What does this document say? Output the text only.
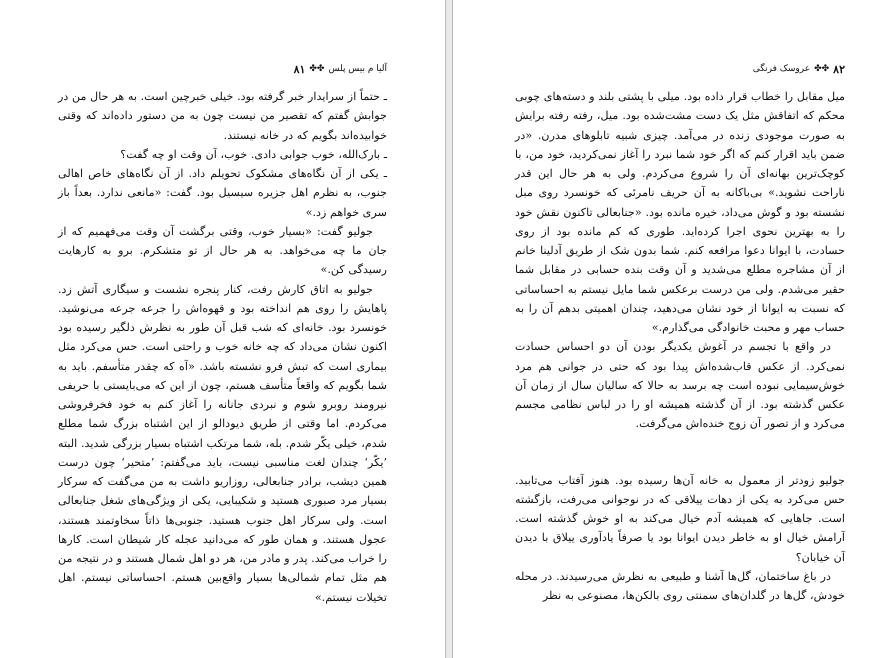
آلیا م بیس پلس
✤✤
۸۱

ـ حتماً از سرایدار خبر گرفته بود. خیلی خبرچین است. به هر حال من در جوابش گفتم که تقصیر من نیست چون به من دستور داده‌اند که وقتی خوابیده‌اند بگویم که در خانه نیستند.

ـ بارک‌الله، خوب جوابی دادی. خوب، آن وقت او چه گفت؟

ـ یکی از آن نگاه‌های مشکوک تحویلم داد. از آن نگاه‌های خاص اهالی جنوب، به نظرم اهل جزیره سیسیل بود. گفت: «مانعی ندارد. بعداً باز سری خواهم زد.»

جولیو گفت: «بسیار خوب، وقتی برگشت آن وقت می‌فهمیم که از جان ما چه می‌خواهد. به هر حال از تو متشکرم. برو به کارهایت رسیدگی کن.»

جولیو به اتاق کارش رفت، کنار پنجره نشست و سیگاری آتش زد. پاهایش را روی هم انداخته بود و قهوه‌اش را جرعه جرعه می‌نوشید. خونسرد بود. خانه‌ای که شب قبل آن طور به نظرش دلگیر رسیده بود اکنون نشان می‌داد که چه خانه خوب و راحتی است. حس می‌کرد مثل بیماری است که تبش فرو نشسته باشد. «آه که چقدر متأسفم. باید به شما بگویم که واقعاً متأسف هستم، چون از این که می‌بایستی با حریفی نیرومند روبرو شوم و نبردی جانانه را آغاز کنم به خود فخرفروشی می‌کردم. اما وقتی از طریق دیودالو از این اشتباه بزرگ شما مطلع شدم، خیلی یکّر شدم. بله، شما مرتکب اشتباه بسیار بزرگی شدید. البته ’یکّر‘ چندان لغت مناسبی نیست، باید می‌گفتم: ’متحیر‘ چون درست همین دیشب، برادر جنابعالی، روزاریو داشت به من می‌گفت که سرکار بسیار مرد صبوری هستید و شکیبایی، یکی از ویژگی‌های شغل جنابعالی است. ولی سرکار اهل جنوب هستید. جنوبی‌ها ذاتاً سخاوتمند هستند، عجول هستند. و همان طور که می‌دانید عجله کار شیطان است. کارها را خراب می‌کند. پدر و مادر من، هر دو اهل شمال هستند و در نتیجه من هم مثل تمام شمالی‌ها بسیار واقع‌بین هستم. احساساتی نیستم. اهل تخیلات نیستم.»

۸۲
✤✤
عروسک فرنگی

میل مقابل را خطاب قرار داده بود. میلی با پشتی بلند و دسته‌های چوبی محکم که اتفاقش مثل یک دست مشت‌شده بود. میل، رفته رفته برایش به صورت موجودی زنده در می‌آمد. چیزی شبیه تابلوهای مدرن. «در ضمن باید اقرار کنم که اگر خود شما نبرد را آغاز نمی‌کردید، خود من، با کوچک‌ترین بهانه‌ای آن را شروع می‌کردم. ولی به هر حال این قدر ناراحت نشوید.» بی‌باکانه به آن حریف نامرئی که خونسرد روی مبل نشسته بود و گوش می‌داد، خیره مانده بود. «جنابعالی تاکنون نقش خود را به بهترین نحوی اجرا کرده‌اید. طوری که کم مانده بود از روی حسادت، با ایوانا دعوا مرافعه کنم. شما بدون شک از طریق آدلینا خانم از آن مشاجره مطلع می‌شدید و آن وقت بنده حسابی در مقابل شما حقیر می‌شدم. ولی من درست برعکس شما مایل نیستم به احساساتی که نسبت به ایوانا از خود نشان می‌دهید، چندان اهمیتی بدهم آن را به حساب مهر و محبت خانوادگی می‌گذارم.»

در واقع با تجسم در آغوش یکدیگر بودن آن دو احساس حسادت نمی‌کرد. از عکس قاب‌شده‌اش پیدا بود که حتی در جوانی هم مرد خوش‌سیمایی نبوده است چه برسد به حالا که سالیان سال از زمان آن عکس گذشته بود. از آن گذشته همیشه او را در لباس نظامی مجسم می‌کرد و از تصور آن زوج خنده‌اش می‌گرفت.

جولیو زودتر از معمول به خانه آن‌ها رسیده بود. هنوز آفتاب می‌تابید. حس می‌کرد به یکی از دهات ییلاقی که در نوجوانی می‌رفت، بازگشته است. جاهایی که همیشه آدم خیال می‌کند به او خوش گذشته است. آرامش خیال او به خاطر دیدن ایوانا بود یا صرفاً یادآوری ییلاق با دیدن آن خیابان؟

در باغ ساختمان، گل‌ها آشنا و طبیعی به نظرش می‌رسیدند. در محله خودش، گل‌ها در گلدان‌های سمنتی روی بالکن‌ها، مصنوعی به نظر
